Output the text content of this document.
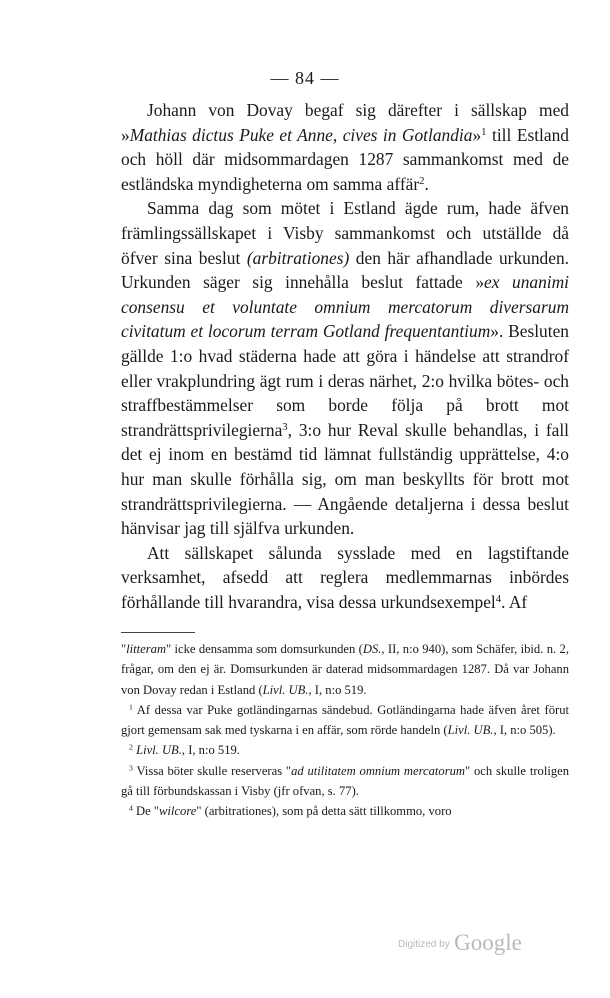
— 84 —

Johann von Dovay begaf sig därefter i sällskap med »Mathias dictus Puke et Anne, cives in Gotlandia»$^1$ till Estland och höll där midsommardagen 1287 sammankomst med de estländska myndigheterna om samma affär$^2$.

Samma dag som mötet i Estland ägde rum, hade äfven främlingssällskapet i Visby sammankomst och utställde då öfver sina beslut (arbitrationes) den här afhandlade urkunden. Urkunden säger sig innehålla beslut fattade »ex unanimi consensu et voluntate omnium mercatorum diversarum civitatum et locorum terram Gotland frequentantium». Besluten gällde 1:o hvad städerna hade att göra i händelse att strandrof eller vrakplundring ägt rum i deras närhet, 2:o hvilka bötes- och straffbestämmelser som borde följa på brott mot strandrättsprivilegierna$^3$, 3:o hur Reval skulle behandlas, i fall det ej inom en bestämd tid lämnat fullständig upprättelse, 4:o hur man skulle förhålla sig, om man beskyllts för brott mot strandrättsprivilegierna. — Angående detaljerna i dessa beslut hänvisar jag till själfva urkunden.

Att sällskapet sålunda sysslade med en lagstiftande verksamhet, afsedd att reglera medlemmarnas inbördes förhållande till hvarandra, visa dessa urkundsexempel$^4$. Af

"litteram" icke densamma som domsurkunden (DS., II, n:o 940), som Schäfer, ibid. n. 2, frågar, om den ej är. Domsurkunden är daterad midsommardagen 1287. Då var Johann von Dovay redan i Estland (Livl. UB., I, n:o 519.

$^1$ Af dessa var Puke gotländingarnas sändebud. Gotländingarna hade äfven året förut gjort gemensam sak med tyskarna i en affär, som rörde handeln (Livl. UB., I, n:o 505).

$^2$ Livl. UB., I, n:o 519.

$^3$ Vissa böter skulle reserveras "ad utilitatem omnium mercatorum" och skulle troligen gå till förbundskassan i Visby (jfr ofvan, s. 77).

$^4$ De "wilcore" (arbitrationes), som på detta sätt tillkommo, voro

Digitized by Google
